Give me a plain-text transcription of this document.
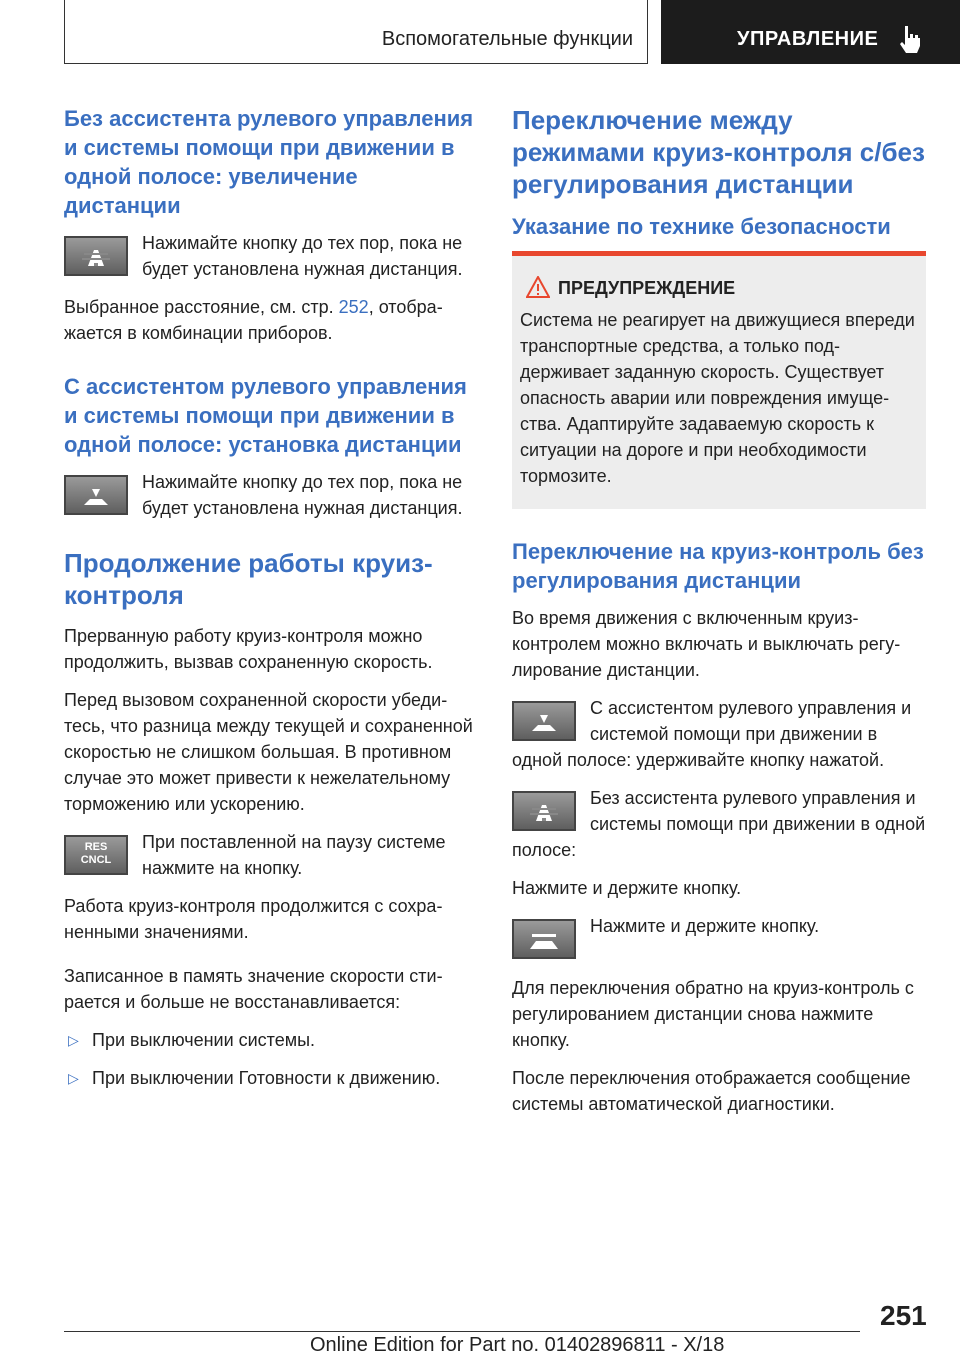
Вспомогательные функции	УПРАВЛЕНИЕ
Без ассистента рулевого управления и системы помощи при движении в одной полосе: увеличение дистанции

Нажимайте кнопку до тех пор, пока не будет установлена нужная дистанция.

Выбранное расстояние, см. стр. 252, отображается в комбинации приборов.

С ассистентом рулевого управления и системы помощи при движении в одной полосе: установка дистанции

Нажимайте кнопку до тех пор, пока не будет установлена нужная дистанция.

Продолжение работы круиз-контроля

Прерванную работу круиз-контроля можно продолжить, вызвав сохраненную скорость.

Перед вызовом сохраненной скорости убедитесь, что разница между текущей и сохраненной скоростью не слишком большая. В противном случае это может привести к нежелательному торможению или ускорению.

RES
CNCL

При поставленной на паузу системе нажмите на кнопку.

Работа круиз-контроля продолжится с сохраненными значениями.

Записанное в память значение скорости стирается и больше не восстанавливается:

▷ При выключении системы.
▷ При выключении Готовности к движению.
Переключение между режимами круиз-контроля с/без регулирования дистанции
Указание по технике безопасности
ПРЕДУПРЕЖДЕНИЕ

Система не реагирует на движущиеся впереди транспортные средства, а только поддерживает заданную скорость. Существует опасность аварии или повреждения имущества. Адаптируйте задаваемую скорость к ситуации на дороге и при необходимости тормозите.

Переключение на круиз-контроль без регулирования дистанции

Во время движения с включенным круиз-контролем можно включать и выключать регулирование дистанции.

С ассистентом рулевого управления и системой помощи при движении в одной полосе: удерживайте кнопку нажатой.

Без ассистента рулевого управления и системы помощи при движении в одной полосе:

Нажмите и держите кнопку.

Нажмите и держите кнопку.

Для переключения обратно на круиз-контроль с регулированием дистанции снова нажмите кнопку.

После переключения отображается сообщение системы автоматической диагностики.

251
Online Edition for Part no. 01402896811 - X/18
